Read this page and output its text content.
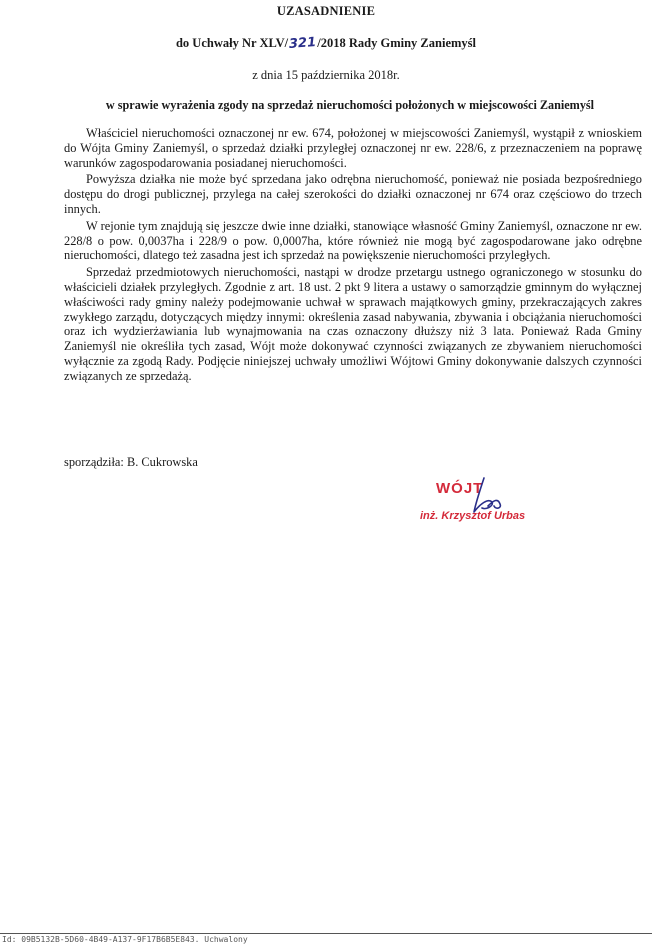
UZASADNIENIE
do Uchwały Nr XLV/321/2018 Rady Gminy Zaniemyśl
z dnia 15 października 2018r.
w sprawie wyrażenia zgody na sprzedaż nieruchomości położonych w miejscowości Zaniemyśl

Właściciel nieruchomości oznaczonej nr ew. 674, położonej w miejscowości Zaniemyśl, wystąpił z wnioskiem do Wójta Gminy Zaniemyśl, o sprzedaż działki przyległej oznaczonej nr ew. 228/6, z przeznaczeniem na poprawę warunków zagospodarowania posiadanej nieruchomości.

Powyższa działka nie może być sprzedana jako odrębna nieruchomość, ponieważ nie posiada bezpośredniego dostępu do drogi publicznej, przylega na całej szerokości do działki oznaczonej nr 674 oraz częściowo do trzech innych.

W rejonie tym znajdują się jeszcze dwie inne działki, stanowiące własność Gminy Zaniemyśl, oznaczone nr ew. 228/8 o pow. 0,0037ha i 228/9 o pow. 0,0007ha, które również nie mogą być zagospodarowane jako odrębne nieruchomości, dlatego też zasadna jest ich sprzedaż na powiększenie nieruchomości przyległych.

Sprzedaż przedmiotowych nieruchomości, nastąpi w drodze przetargu ustnego ograniczonego w stosunku do właścicieli działek przyległych. Zgodnie z art. 18 ust. 2 pkt 9 litera a ustawy o samorządzie gminnym do wyłącznej właściwości rady gminy należy podejmowanie uchwał w sprawach majątkowych gminy, przekraczających zakres zwykłego zarządu, dotyczących między innymi: określenia zasad nabywania, zbywania i obciążania nieruchomości oraz ich wydzierżawiania lub wynajmowania na czas oznaczony dłuższy niż 3 lata. Ponieważ Rada Gminy Zaniemyśl nie określiła tych zasad, Wójt może dokonywać czynności związanych ze zbywaniem nieruchomości wyłącznie za zgodą Rady. Podjęcie niniejszej uchwały umożliwi Wójtowi Gminy dokonywanie dalszych czynności związanych ze sprzedażą.

sporządziła: B. Cukrowska
WÓJT
inż. Krzysztof Urbas
Id: 09B5132B-5D60-4B49-A137-9F17B6B5E843. Uchwalony
